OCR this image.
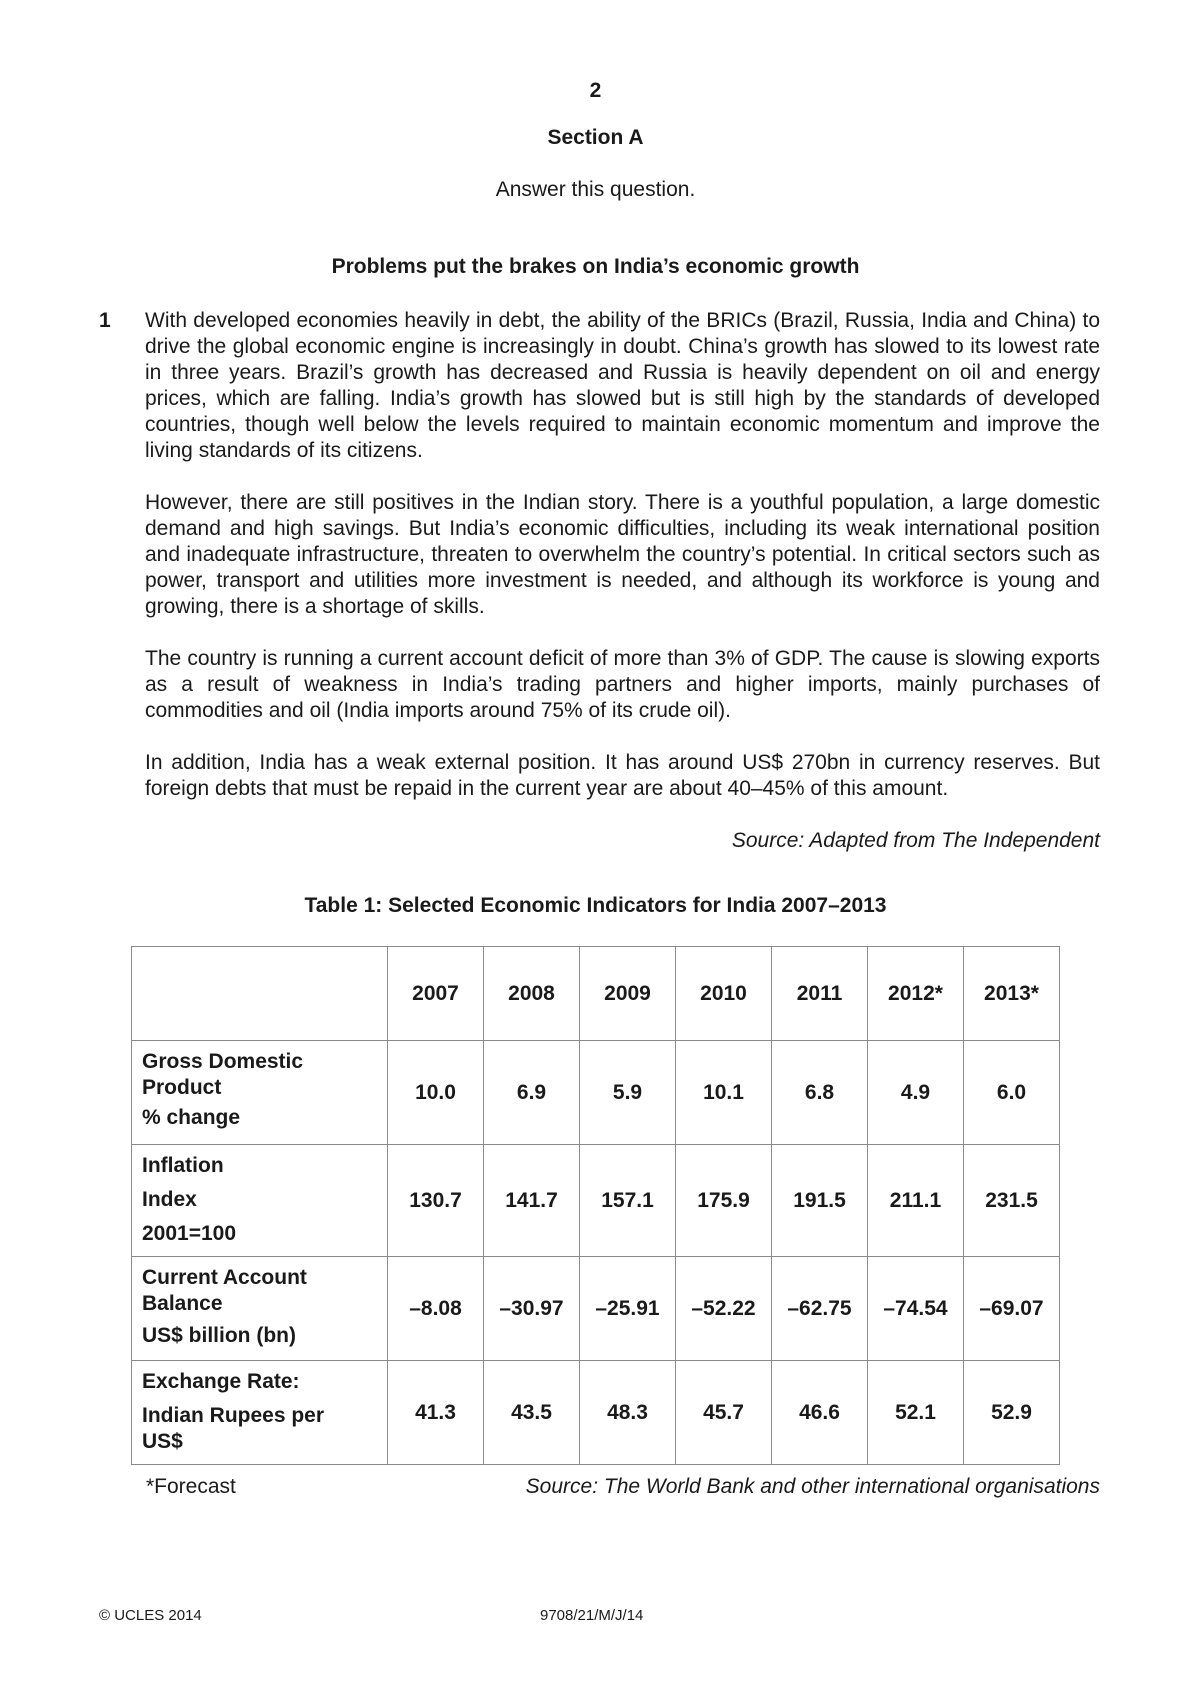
2
Section A
Answer this question.
Problems put the brakes on India’s economic growth
1 With developed economies heavily in debt, the ability of the BRICs (Brazil, Russia, India and China) to drive the global economic engine is increasingly in doubt. China’s growth has slowed to its lowest rate in three years. Brazil’s growth has decreased and Russia is heavily dependent on oil and energy prices, which are falling. India’s growth has slowed but is still high by the standards of developed countries, though well below the levels required to maintain economic momentum and improve the living standards of its citizens.
However, there are still positives in the Indian story. There is a youthful population, a large domestic demand and high savings. But India’s economic difficulties, including its weak international position and inadequate infrastructure, threaten to overwhelm the country’s potential. In critical sectors such as power, transport and utilities more investment is needed, and although its workforce is young and growing, there is a shortage of skills.
The country is running a current account deficit of more than 3% of GDP. The cause is slowing exports as a result of weakness in India’s trading partners and higher imports, mainly purchases of commodities and oil (India imports around 75% of its crude oil).
In addition, India has a weak external position. It has around US$ 270bn in currency reserves. But foreign debts that must be repaid in the current year are about 40–45% of this amount.
Source: Adapted from The Independent
Table 1: Selected Economic Indicators for India 2007–2013
	2007	2008	2009	2010	2011	2012*	2013*

Gross Domestic Product
% change	10.0	6.9	5.9	10.1	6.8	4.9	6.0

Inflation
Index
2001=100	130.7	141.7	157.1	175.9	191.5	211.1	231.5

Current Account Balance
US$ billion (bn)	–8.08	–30.97	–25.91	–52.22	–62.75	–74.54	–69.07

Exchange Rate:
Indian Rupees per US$	41.3	43.5	48.3	45.7	46.6	52.1	52.9
*Forecast	Source: The World Bank and other international organisations
© UCLES 2014	9708/21/M/J/14
